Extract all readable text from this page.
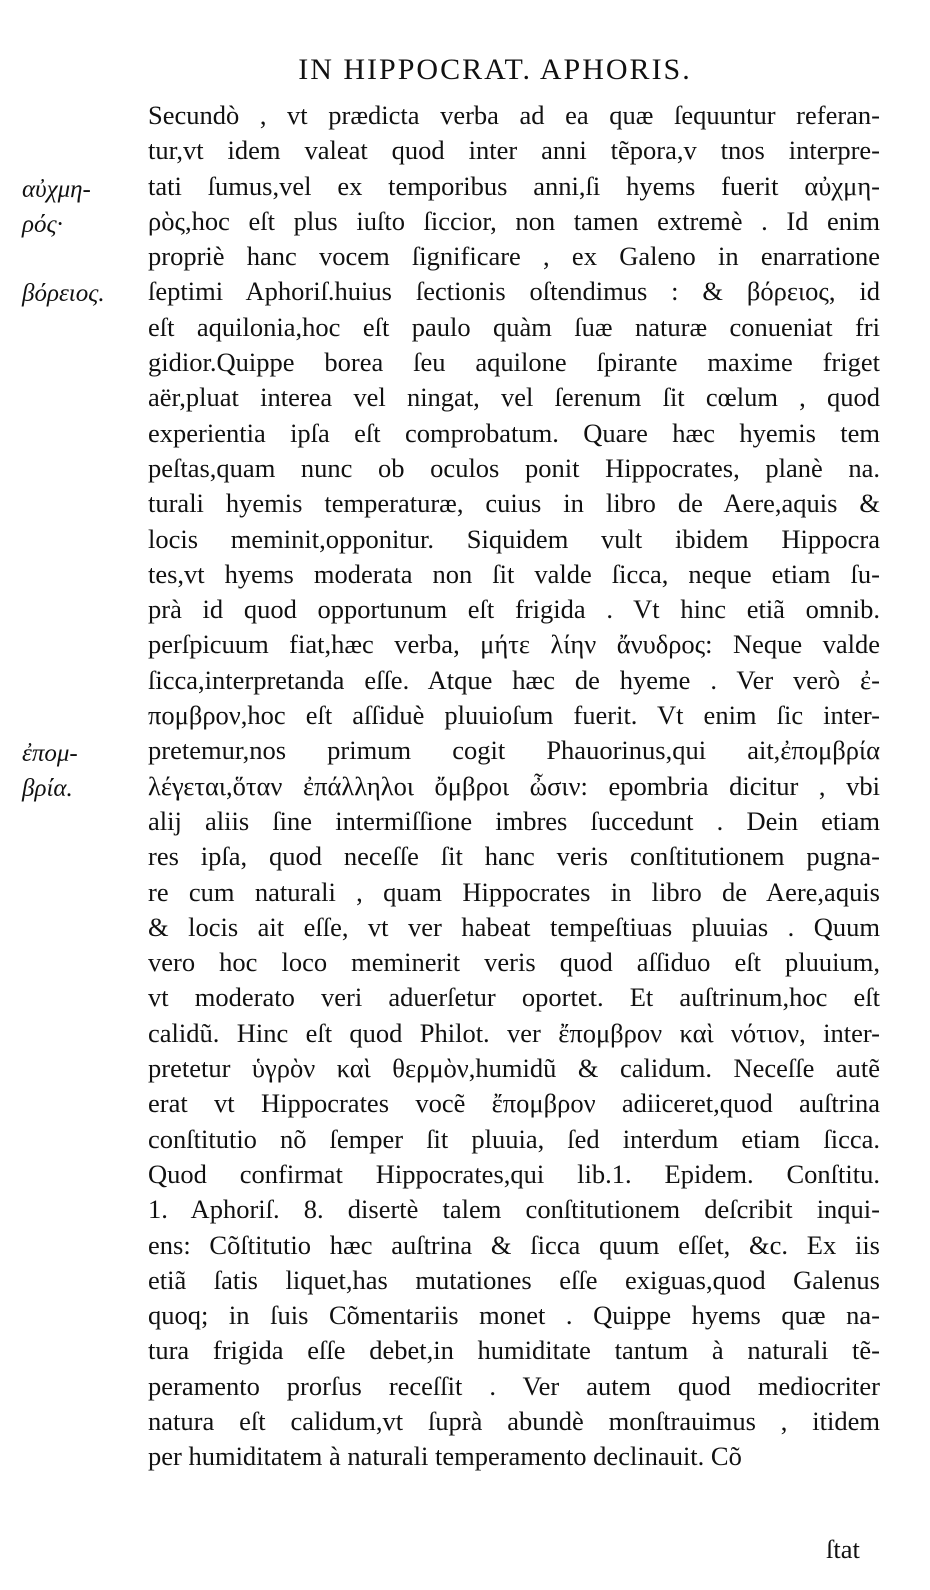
IN HIPPOCRAT. APHORIS.
αὐχμη-
ρός·
βόρειος.
ἐπομ-
βρία.
Secundò , vt prædicta verba ad ea quæ ſequuntur referan-
tur,vt idem valeat quod inter anni tẽpora,v tnos interpre-
tati ſumus,vel ex temporibus anni,ſi hyems fuerit αὐχμη-
ρὸς,hoc eſt plus iuſto ſiccior, non tamen extremè . Id enim
propriè hanc vocem ſignificare , ex Galeno in enarratione
ſeptimi Aphoriſ.huius ſectionis oſtendimus : & βόρειος, id
eſt aquilonia,hoc eſt paulo quàm ſuæ naturæ conueniat fri
gidior.Quippe borea ſeu aquilone ſpirante maxime friget
aër,pluat interea vel ningat, vel ſerenum ſit cœlum , quod
experientia ipſa eſt comprobatum. Quare hæc hyemis tem
peſtas,quam nunc ob oculos ponit Hippocrates, planè na.
turali hyemis temperaturæ, cuius in libro de Aere,aquis &
locis meminit,opponitur. Siquidem vult ibidem Hippocra
tes,vt hyems moderata non ſit valde ſicca, neque etiam ſu-
prà id quod opportunum eſt frigida . Vt hinc etiã omnib.
perſpicuum fiat,hæc verba, μήτε λίην ἄνυδρος: Neque valde
ſicca,interpretanda eſſe. Atque hæc de hyeme . Ver verò ἐ-
πομβρον,hoc eſt aſſiduè pluuioſum fuerit. Vt enim ſic inter-
pretemur,nos primum cogit Phauorinus,qui ait,ἐπομβρία
λέγεται,ὅταν ἐπάλληλοι ὄμβροι ὦσιν: epombria dicitur , vbi
alij aliis ſine intermiſſione imbres ſuccedunt . Dein etiam
res ipſa, quod neceſſe ſit hanc veris conſtitutionem pugna-
re cum naturali , quam Hippocrates in libro de Aere,aquis
& locis ait eſſe, vt ver habeat tempeſtiuas pluuias . Quum
vero hoc loco meminerit veris quod aſſiduo eſt pluuium,
vt moderato veri aduerſetur oportet. Et auſtrinum,hoc eſt
calidũ. Hinc eſt quod Philot. ver ἔπομβρον καὶ νότιον, inter-
pretetur ὑγρὸν καὶ θερμὸν,humidũ & calidum. Neceſſe autẽ
erat vt Hippocrates vocẽ ἔπομβρον adiiceret,quod auſtrina
conſtitutio nõ ſemper ſit pluuia, ſed interdum etiam ſicca.
Quod confirmat Hippocrates,qui lib.1. Epidem. Conſtitu.
1. Aphoriſ. 8. disertè talem conſtitutionem deſcribit inqui-
ens: Cõſtitutio hæc auſtrina & ſicca quum eſſet, &c. Ex iis
etiã ſatis liquet,has mutationes eſſe exiguas,quod Galenus
quoq; in ſuis Cõmentariis monet . Quippe hyems quæ na-
tura frigida eſſe debet,in humiditate tantum à naturali tẽ-
peramento prorſus receſſit . Ver autem quod mediocriter
natura eſt calidum,vt ſuprà abundè monſtrauimus , itidem
per humiditatem à naturali temperamento declinauit. Cõ
ſtat
